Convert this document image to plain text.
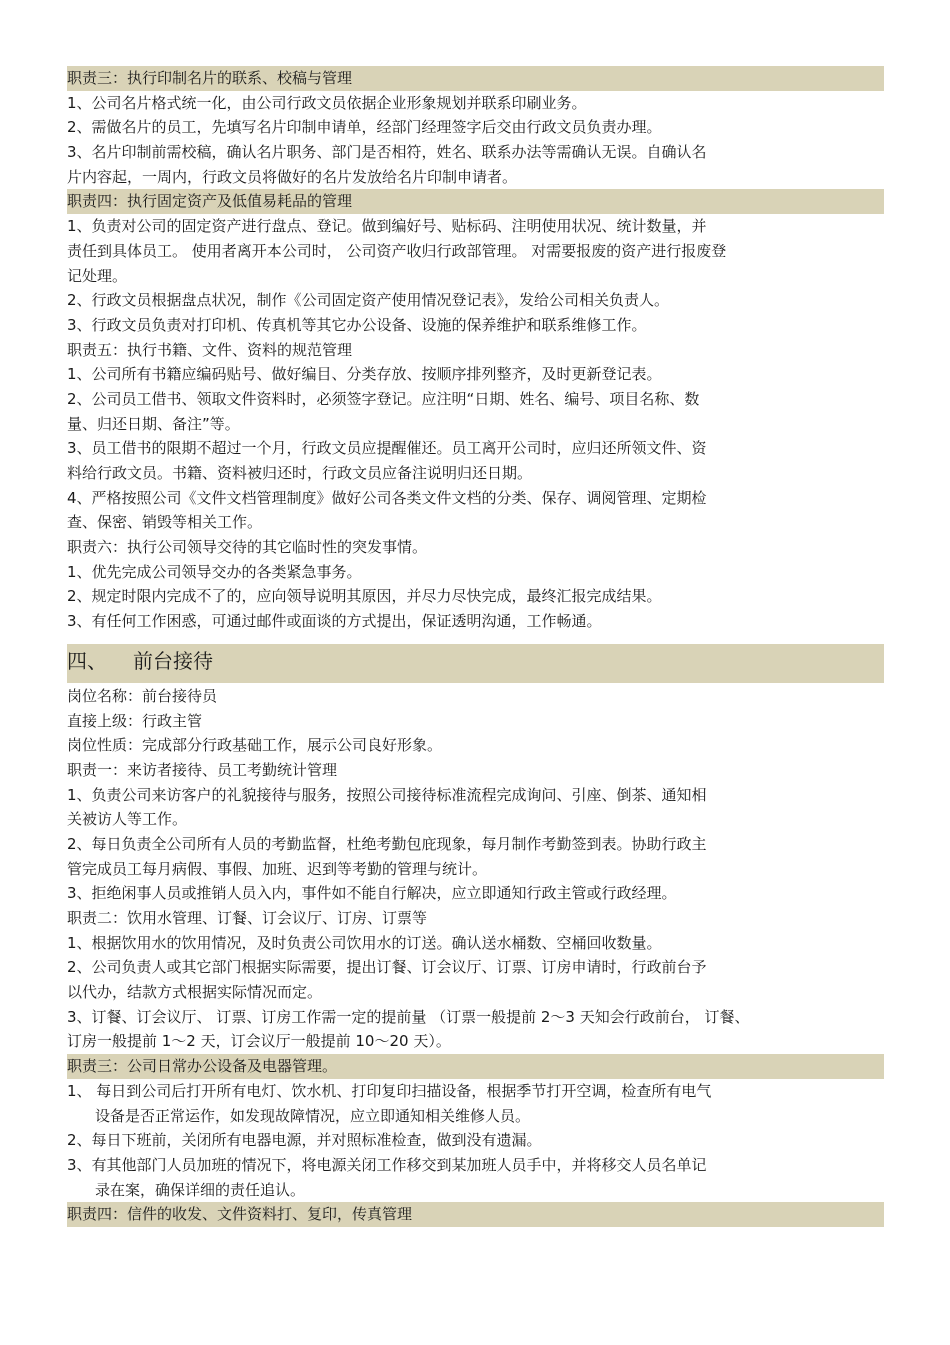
职责三：执行印制名片的联系、校稿与管理
1、公司名片格式统一化，由公司行政文员依据企业形象规划并联系印刷业务。
2、需做名片的员工，先填写名片印制申请单，经部门经理签字后交由行政文员负责办理。
3、名片印制前需校稿，确认名片职务、部门是否相符，姓名、联系办法等需确认无误。自确认名
片内容起，一周内，行政文员将做好的名片发放给名片印制申请者。
职责四：执行固定资产及低值易耗品的管理
1、负责对公司的固定资产进行盘点、登记。做到编好号、贴标码、注明使用状况、统计数量，并
责任到具体员工。 使用者离开本公司时， 公司资产收归行政部管理。 对需要报废的资产进行报废登
记处理。
2、行政文员根据盘点状况，制作《公司固定资产使用情况登记表》，发给公司相关负责人。
3、行政文员负责对打印机、传真机等其它办公设备、设施的保养维护和联系维修工作。
职责五：执行书籍、文件、资料的规范管理
1、公司所有书籍应编码贴号、做好编目、分类存放、按顺序排列整齐，及时更新登记表。
2、公司员工借书、领取文件资料时，必须签字登记。应注明“日期、姓名、编号、项目名称、数
量、归还日期、备注”等。
3、员工借书的限期不超过一个月，行政文员应提醒催还。员工离开公司时，应归还所领文件、资
料给行政文员。书籍、资料被归还时，行政文员应备注说明归还日期。
4、严格按照公司《文件文档管理制度》做好公司各类文件文档的分类、保存、调阅管理、定期检
查、保密、销毁等相关工作。
职责六：执行公司领导交待的其它临时性的突发事情。
1、优先完成公司领导交办的各类紧急事务。
2、规定时限内完成不了的，应向领导说明其原因，并尽力尽快完成，最终汇报完成结果。
3、有任何工作困惑，可通过邮件或面谈的方式提出，保证透明沟通，工作畅通。
四、 前台接待
岗位名称：前台接待员
直接上级：行政主管
岗位性质：完成部分行政基础工作，展示公司良好形象。
职责一：来访者接待、员工考勤统计管理
1、负责公司来访客户的礼貌接待与服务，按照公司接待标准流程完成询问、引座、倒茶、通知相
关被访人等工作。
2、每日负责全公司所有人员的考勤监督，杜绝考勤包庇现象，每月制作考勤签到表。协助行政主
管完成员工每月病假、事假、加班、迟到等考勤的管理与统计。
3、拒绝闲事人员或推销人员入内，事件如不能自行解决，应立即通知行政主管或行政经理。
职责二：饮用水管理、订餐、订会议厅、订房、订票等
1、根据饮用水的饮用情况，及时负责公司饮用水的订送。确认送水桶数、空桶回收数量。
2、公司负责人或其它部门根据实际需要，提出订餐、订会议厅、订票、订房申请时，行政前台予
以代办，结款方式根据实际情况而定。
3、订餐、订会议厅、 订票、订房工作需一定的提前量 （订票一般提前 2～3 天知会行政前台， 订餐、
订房一般提前 1～2 天，订会议厅一般提前 10～20 天）。
职责三：公司日常办公设备及电器管理。
1、 每日到公司后打开所有电灯、饮水机、打印复印扫描设备，根据季节打开空调，检查所有电气
设备是否正常运作，如发现故障情况，应立即通知相关维修人员。
2、每日下班前，关闭所有电器电源，并对照标准检查，做到没有遗漏。
3、有其他部门人员加班的情况下，将电源关闭工作移交到某加班人员手中，并将移交人员名单记
录在案，确保详细的责任追认。
职责四：信件的收发、文件资料打、复印，传真管理
